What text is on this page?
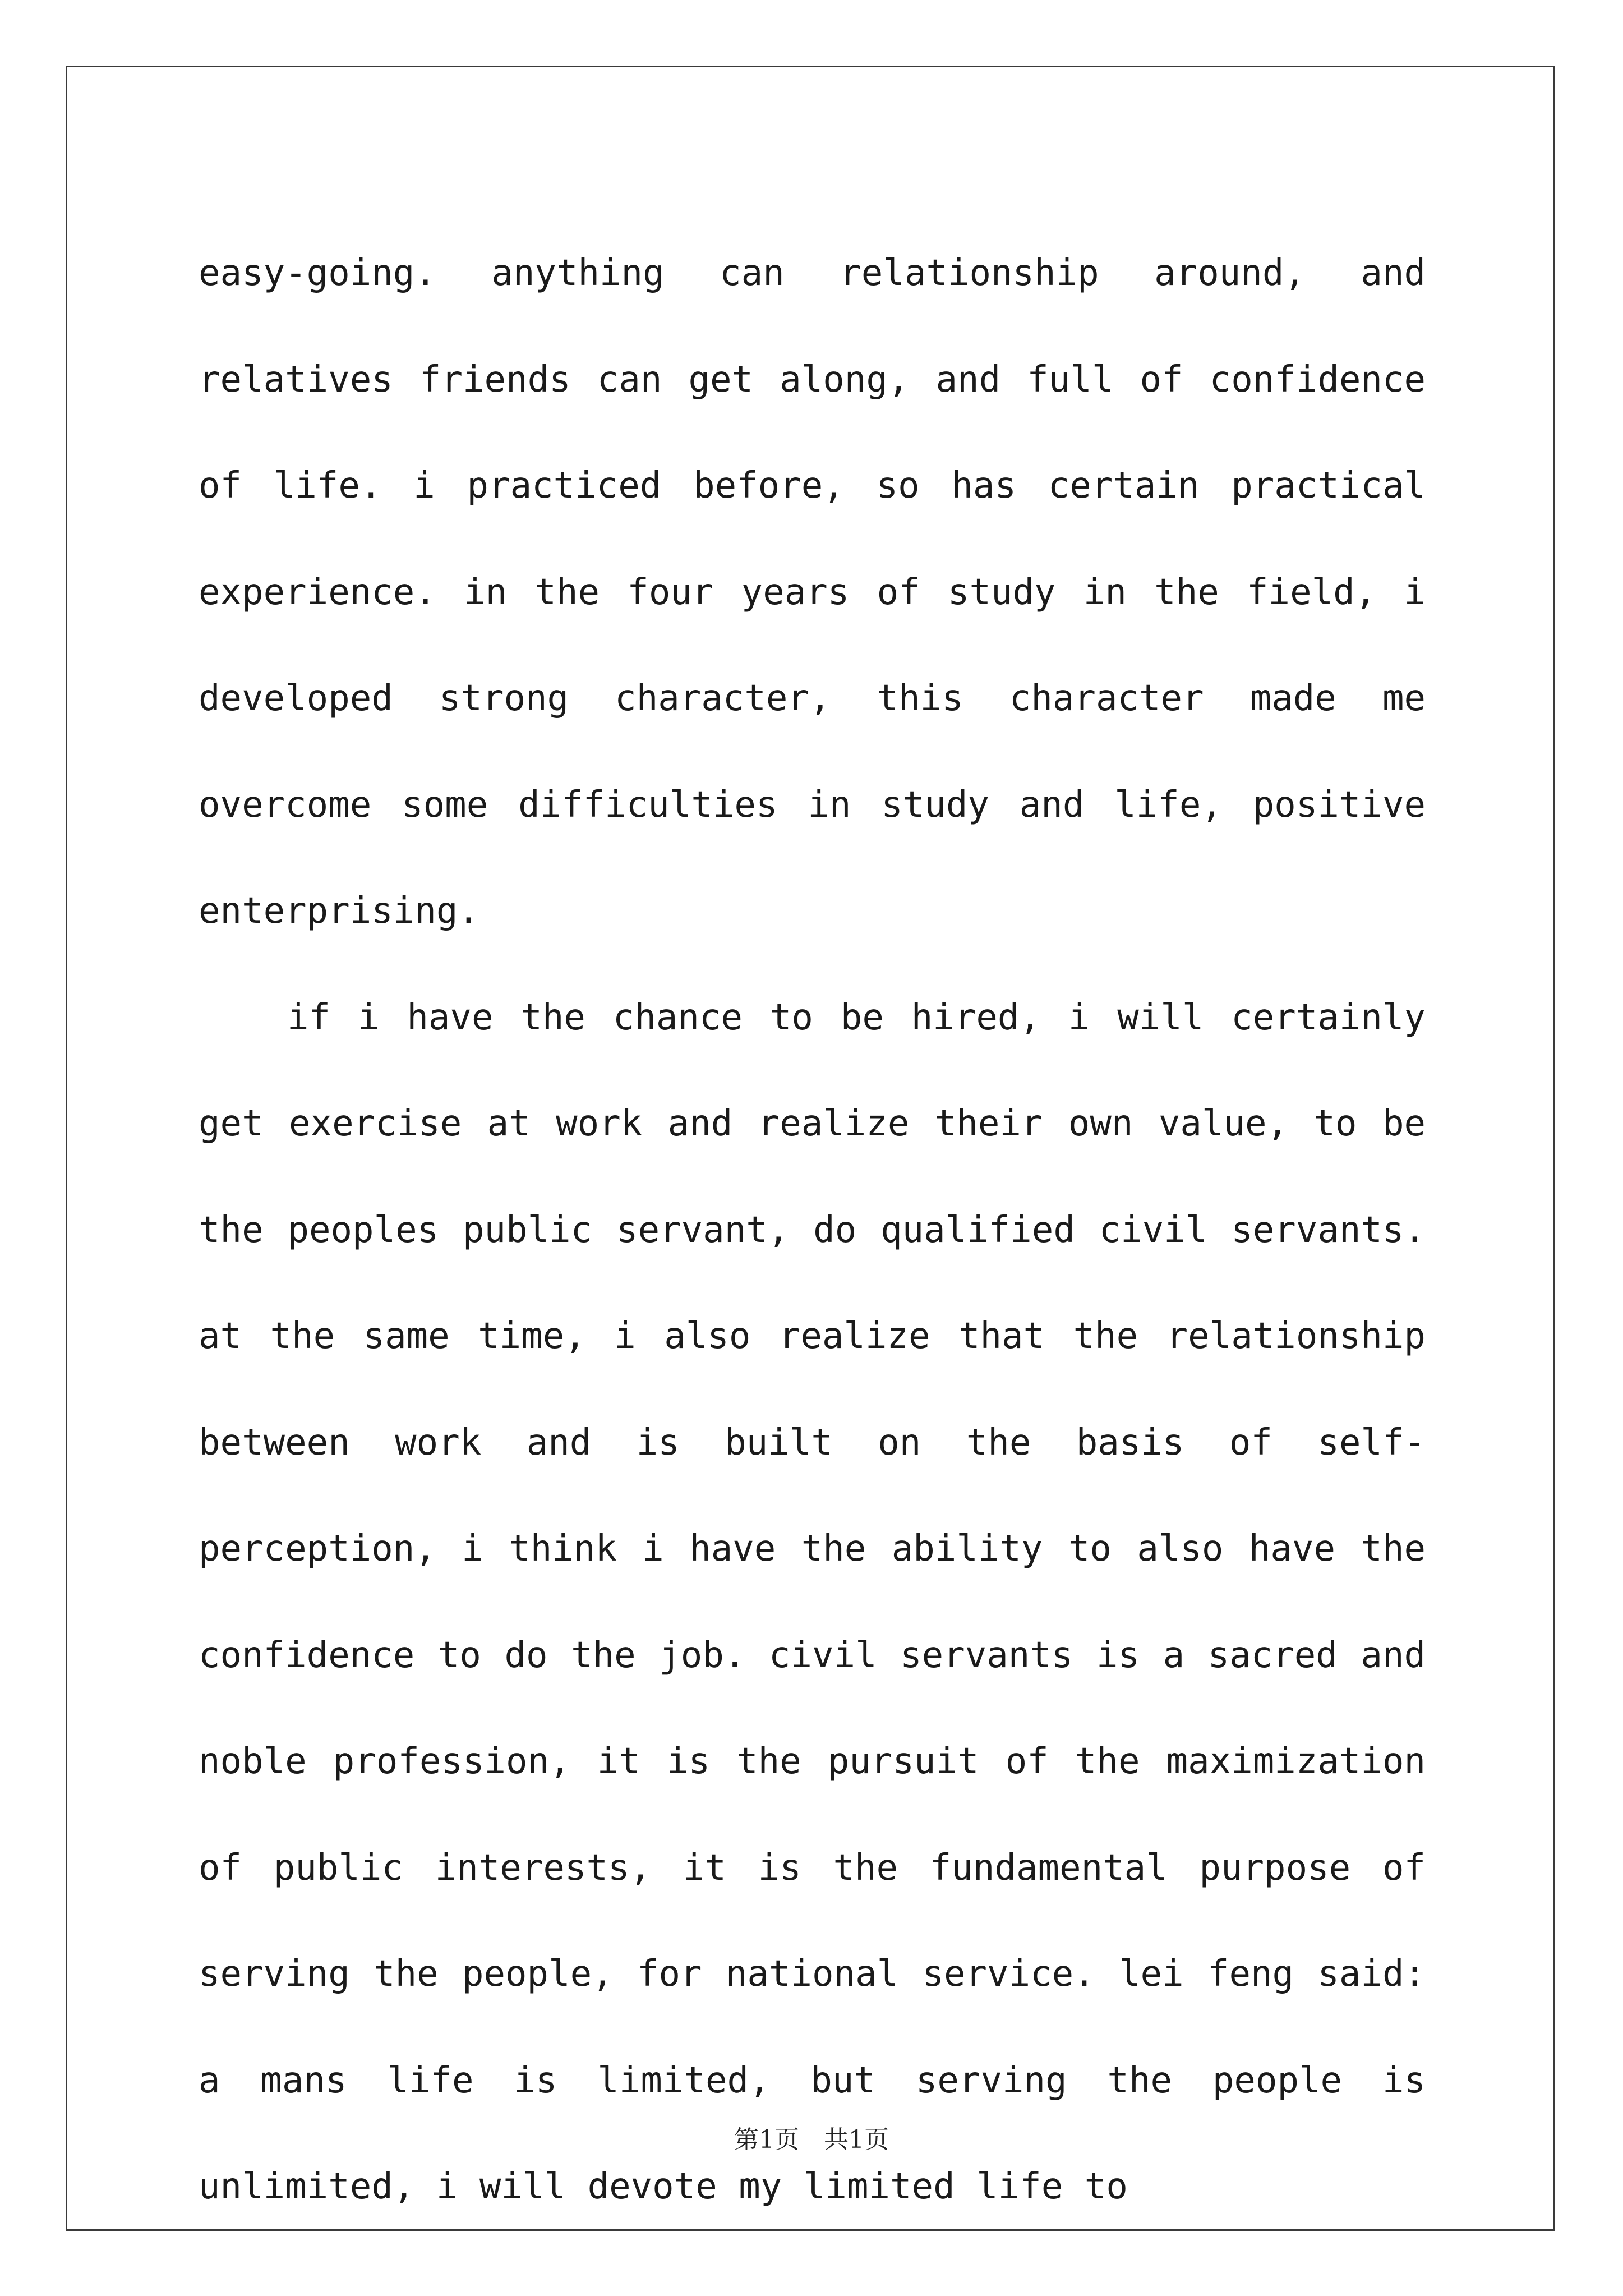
easy-going. anything can relationship around, and relatives friends can get along, and full of confidence of life. i practiced before, so has certain practical experience. in the four years of study in the field, i developed strong character, this character made me overcome some difficulties in study and life, positive enterprising.

if i have the chance to be hired, i will certainly get exercise at work and realize their own value, to be the peoples public servant, do qualified civil servants. at the same time, i also realize that the relationship between work and is built on the basis of self-perception, i think i have the ability to also have the confidence to do the job. civil servants is a sacred and noble profession, it is the pursuit of the maximization of public interests, it is the fundamental purpose of serving the people, for national service. lei feng said: a mans life is limited, but serving the people is unlimited, i will devote my limited life to

第1页　共1页
